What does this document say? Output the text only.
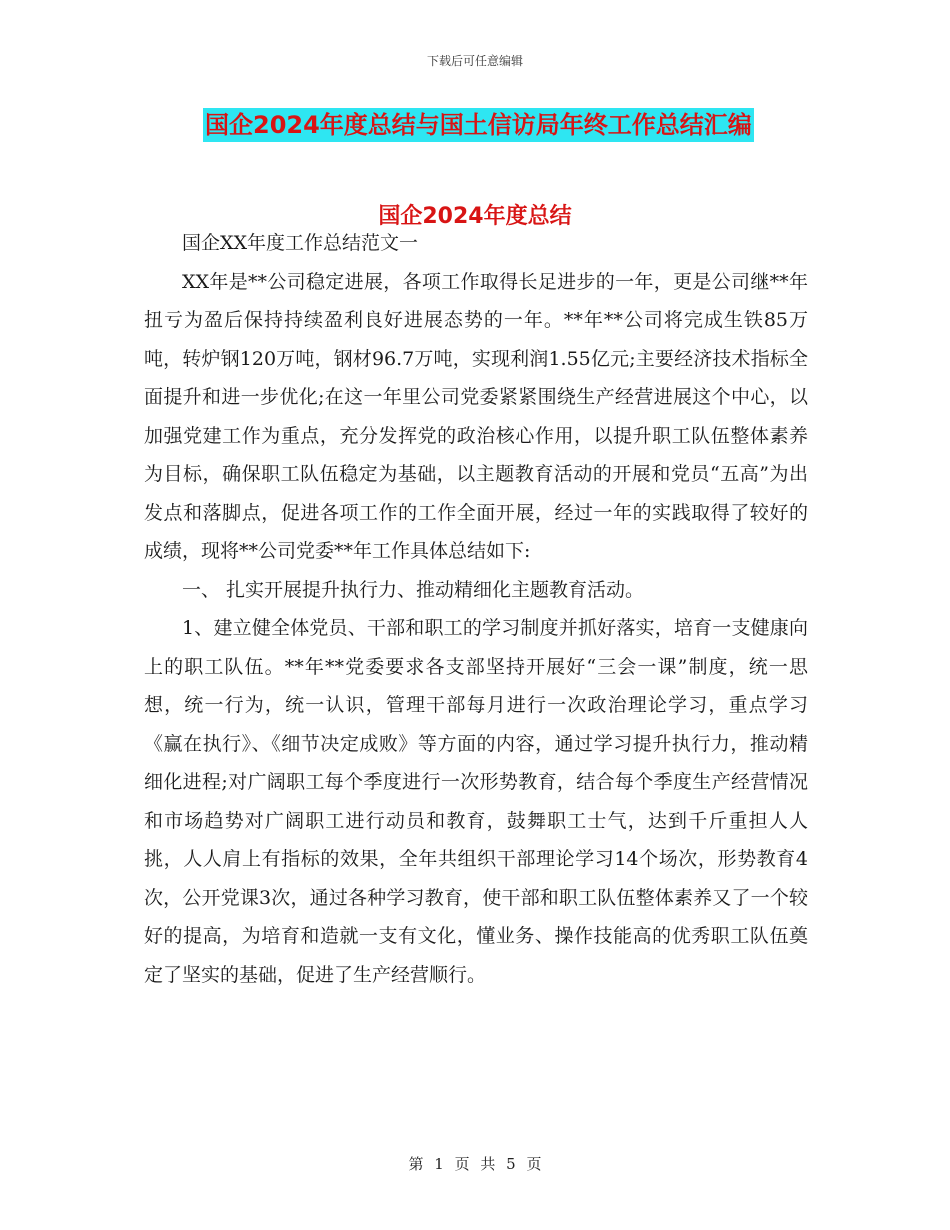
下载后可任意编辑
国企2024年度总结与国土信访局年终工作总结汇编
国企2024年度总结

国企XX年度工作总结范文一

XX年是**公司稳定进展，各项工作取得长足进步的一年，更是公司继**年扭亏为盈后保持持续盈利良好进展态势的一年。**年**公司将完成生铁85万吨，转炉钢120万吨，钢材96.7万吨，实现利润1.55亿元;主要经济技术指标全面提升和进一步优化;在这一年里公司党委紧紧围绕生产经营进展这个中心，以加强党建工作为重点，充分发挥党的政治核心作用，以提升职工队伍整体素养为目标，确保职工队伍稳定为基础，以主题教育活动的开展和党员“五高”为出发点和落脚点，促进各项工作的工作全面开展，经过一年的实践取得了较好的成绩，现将**公司党委**年工作具体总结如下:

一、 扎实开展提升执行力、推动精细化主题教育活动。

1、建立健全体党员、干部和职工的学习制度并抓好落实，培育一支健康向上的职工队伍。**年**党委要求各支部坚持开展好“三会一课”制度，统一思想，统一行为，统一认识，管理干部每月进行一次政治理论学习，重点学习《赢在执行》、《细节决定成败》等方面的内容，通过学习提升执行力，推动精细化进程;对广阔职工每个季度进行一次形势教育，结合每个季度生产经营情况和市场趋势对广阔职工进行动员和教育，鼓舞职工士气，达到千斤重担人人挑，人人肩上有指标的效果，全年共组织干部理论学习14个场次，形势教育4次，公开党课3次，通过各种学习教育，使干部和职工队伍整体素养又了一个较好的提高，为培育和造就一支有文化，懂业务、操作技能高的优秀职工队伍奠定了坚实的基础，促进了生产经营顺行。

第 1 页 共 5 页
